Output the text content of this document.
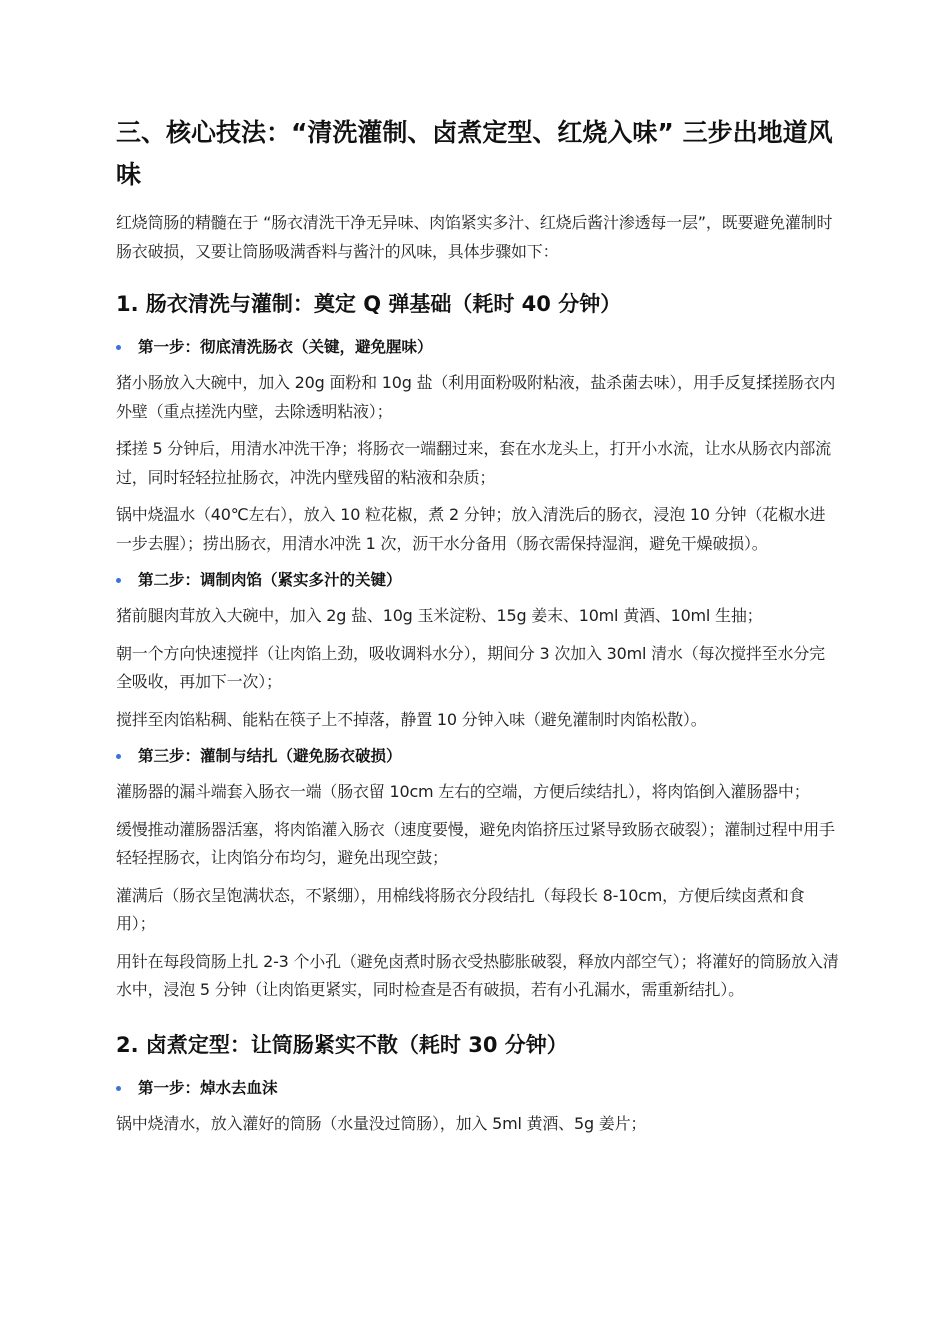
三、核心技法：“清洗灌制、卤煮定型、红烧入味” 三步出地道风味

红烧筒肠的精髓在于 “肠衣清洗干净无异味、肉馅紧实多汁、红烧后酱汁渗透每一层”，既要避免灌制时肠衣破损，又要让筒肠吸满香料与酱汁的风味，具体步骤如下：

1. 肠衣清洗与灌制：奠定 Q 弹基础（耗时 40 分钟）
第一步：彻底清洗肠衣（关键，避免腥味）

猪小肠放入大碗中，加入 20g 面粉和 10g 盐（利用面粉吸附粘液，盐杀菌去味），用手反复揉搓肠衣内外壁（重点搓洗内壁，去除透明粘液）；

揉搓 5 分钟后，用清水冲洗干净；将肠衣一端翻过来，套在水龙头上，打开小水流，让水从肠衣内部流过，同时轻轻拉扯肠衣，冲洗内壁残留的粘液和杂质；

锅中烧温水（40℃左右），放入 10 粒花椒，煮 2 分钟；放入清洗后的肠衣，浸泡 10 分钟（花椒水进一步去腥）；捞出肠衣，用清水冲洗 1 次，沥干水分备用（肠衣需保持湿润，避免干燥破损）。

第二步：调制肉馅（紧实多汁的关键）

猪前腿肉茸放入大碗中，加入 2g 盐、10g 玉米淀粉、15g 姜末、10ml 黄酒、10ml 生抽；

朝一个方向快速搅拌（让肉馅上劲，吸收调料水分），期间分 3 次加入 30ml 清水（每次搅拌至水分完全吸收，再加下一次）；

搅拌至肉馅粘稠、能粘在筷子上不掉落，静置 10 分钟入味（避免灌制时肉馅松散）。

第三步：灌制与结扎（避免肠衣破损）

灌肠器的漏斗端套入肠衣一端（肠衣留 10cm 左右的空端，方便后续结扎），将肉馅倒入灌肠器中；

缓慢推动灌肠器活塞，将肉馅灌入肠衣（速度要慢，避免肉馅挤压过紧导致肠衣破裂）；灌制过程中用手轻轻捏肠衣，让肉馅分布均匀，避免出现空鼓；

灌满后（肠衣呈饱满状态，不紧绷），用棉线将肠衣分段结扎（每段长 8-10cm，方便后续卤煮和食用）；

用针在每段筒肠上扎 2-3 个小孔（避免卤煮时肠衣受热膨胀破裂，释放内部空气）；将灌好的筒肠放入清水中，浸泡 5 分钟（让肉馅更紧实，同时检查是否有破损，若有小孔漏水，需重新结扎）。

2. 卤煮定型：让筒肠紧实不散（耗时 30 分钟）
第一步：焯水去血沫

锅中烧清水，放入灌好的筒肠（水量没过筒肠），加入 5ml 黄酒、5g 姜片；
